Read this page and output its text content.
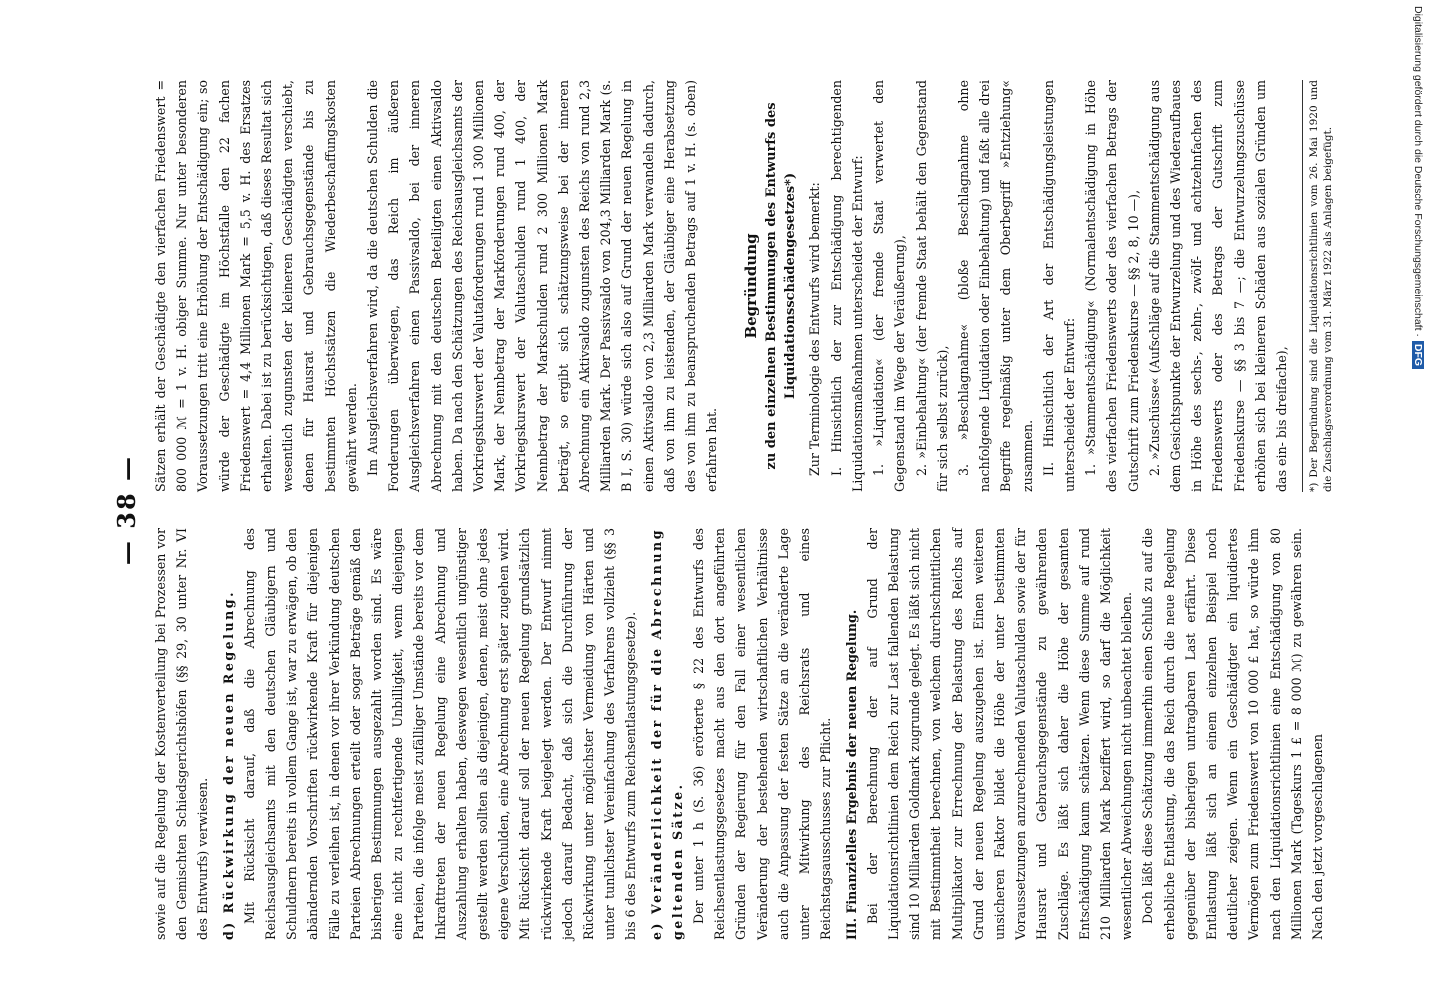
— 38 —

sowie auf die Regelung der Kostenverteilung bei Prozessen vor den Gemischten Schiedsgerichtshöfen (§§ 29, 30 unter Nr. VI des Entwurfs) verwiesen. d) Rückwirkung der neuen Regelung. Mit Rücksicht darauf, daß die Abrechnung des Reichsausgleichsamts mit den deutschen Gläubigern und Schuldnern bereits in vollem Gange ist, war zu erwägen, ob den abändernden Vorschriften rückwirkende Kraft für diejenigen Fälle zu verleihen ist, in denen vor ihrer Verkündung deutschen Parteien Abrechnungen erteilt oder sogar Beträge gemäß den bisherigen Bestimmungen ausgezahlt worden sind. Es wäre eine nicht zu rechtfertigende Unbilligkeit, wenn diejenigen Parteien, die infolge meist zufälliger Umstände bereits vor dem Inkrafttreten der neuen Regelung eine Abrechnung und Auszahlung erhalten haben, deswegen wesentlich ungünstiger gestellt werden sollten als diejenigen, denen, meist ohne jedes eigene Verschulden, eine Abrechnung erst später zugehen wird. Mit Rücksicht darauf soll der neuen Regelung grundsätzlich rückwirkende Kraft beigelegt werden. Der Entwurf nimmt jedoch darauf Bedacht, daß sich die Durchführung der Rückwirkung unter möglichster Vermeidung von Härten und unter tunlichster Vereinfachung des Verfahrens vollzieht (§§ 3 bis 6 des Entwurfs zum Reichsentlastungsgesetze). e) Veränderlichkeit der für die Abrechnung geltenden Sätze. Der unter 1 h (S. 36) erörterte § 22 des Entwurfs des Reichsentlastungsgesetzes macht aus den dort angeführten Gründen der Regierung für den Fall einer wesentlichen Veränderung der bestehenden wirtschaftlichen Verhältnisse auch die Anpassung der festen Sätze an die veränderte Lage unter Mitwirkung des Reichsrats und eines Reichstagsausschusses zur Pflicht. III. Finanzielles Ergebnis der neuen Regelung. Bei der Berechnung der auf Grund der Liquidationsrichtlinien dem Reich zur Last fallenden Belastung sind 10 Milliarden Goldmark zugrunde gelegt. Es läßt sich nicht mit Bestimmtheit berechnen, von welchem durchschnittlichen Multiplikator zur Errechnung der Belastung des Reichs auf Grund der neuen Regelung auszugehen ist. Einen weiteren unsicheren Faktor bildet die Höhe der unter bestimmten Voraussetzungen anzurechnenden Valutaschulden sowie der für Hausrat und Gebrauchsgegenstände zu gewährenden Zuschläge. Es läßt sich daher die Höhe der gesamten Entschädigung kaum schätzen. Wenn diese Summe auf rund 210 Milliarden Mark beziffert wird, so darf die Möglichkeit wesentlicher Abweichungen nicht unbeachtet bleiben. Doch läßt diese Schätzung immerhin einen Schluß zu auf die erhebliche Entlastung, die das Reich durch die neue Regelung gegenüber der bisherigen untragbaren Last erfährt. Diese Entlastung läßt sich an einem einzelnen Beispiel noch deutlicher zeigen. Wenn ein Geschädigter ein liquidiertes Vermögen zum Friedenswert von 10 000 £ hat, so würde ihm nach den Liquidationsrichtlinien eine Entschädigung von 80 Millionen Mark (Tageskurs 1 £ = 8 000 ℳ) zu gewähren sein. Nach den jetzt vorgeschlagenen

Sätzen erhält der Geschädigte den vierfachen Friedenswert = 800 000 ℳ = 1 v. H. obiger Summe. Nur unter besonderen Voraussetzungen tritt eine Erhöhung der Entschädigung ein; so würde der Geschädigte im Höchstfalle den 22 fachen Friedenswert = 4,4 Millionen Mark = 5,5 v. H. des Ersatzes erhalten. Dabei ist zu berücksichtigen, daß dieses Resultat sich wesentlich zugunsten der kleineren Geschädigten verschiebt, denen für Hausrat und Gebrauchsgegenstände bis zu bestimmten Höchstsätzen die Wiederbeschaffungskosten gewährt werden. Im Ausgleichsverfahren wird, da die deutschen Schulden die Forderungen überwiegen, das Reich im äußeren Ausgleichsverfahren einen Passivsaldo, bei der inneren Abrechnung mit den deutschen Beteiligten einen Aktivsaldo haben. Da nach den Schätzungen des Reichsausgleichsamts der Vorkriegskurswert der Valutaforderungen rund 1 300 Millionen Mark, der Nennbetrag der Markforderungen rund 400, der Vorkriegskurswert der Valutaschulden rund 1 400, der Nennbetrag der Markschulden rund 2 300 Millionen Mark beträgt, so ergibt sich schätzungsweise bei der inneren Abrechnung ein Aktivsaldo zugunsten des Reichs von rund 2,3 Milliarden Mark. Der Passivsaldo von 204,3 Milliarden Mark (s. B I, S. 30) würde sich also auf Grund der neuen Regelung in einen Aktivsaldo von 2,3 Milliarden Mark verwandeln dadurch, daß von ihm zu leistenden, der Gläubiger eine Herabsetzung des von ihm zu beanspruchenden Betrags auf 1 v. H. (s. oben) erfahren hat.

Begründung zu den einzelnen Bestimmungen des Entwurfs des Liquidationsschädengesetzes*) Zur Terminologie des Entwurfs wird bemerkt: I. Hinsichtlich der zur Entschädigung berechtigenden Liquidationsmaßnahmen unterscheidet der Entwurf: 1. »Liquidation« (der fremde Staat verwertet den Gegenstand im Wege der Veräußerung), 2. »Einbehaltung« (der fremde Staat behält den Gegenstand für sich selbst zurück), 3. »Beschlagnahme« (bloße Beschlagnahme ohne nachfolgende Liquidation oder Einbehaltung) und faßt alle drei Begriffe regelmäßig unter dem Oberbegriff »Entziehung« zusammen. II. Hinsichtlich der Art der Entschädigungsleistungen unterscheidet der Entwurf: 1. »Stammentschädigung« (Normalentschädigung in Höhe des vierfachen Friedenswerts oder des vierfachen Betrags der Gutschrift zum Friedenskurse — §§ 2, 8, 10 —), 2. »Zuschüsse« (Aufschläge auf die Stammentschädigung aus dem Gesichtspunkte der Entwurzelung und des Wiederaufbaues in Höhe des sechs-, zehn-, zwölf- und achtzehnfachen des Friedenswerts oder des Betrags der Gutschrift zum Friedenskurse — §§ 3 bis 7 —; die Entwurzelungszuschüsse erhöhen sich bei kleineren Schäden aus sozialen Gründen um das ein- bis dreifache),	*) Der Begründung sind die Liquidationsrichtlinien vom 26. Mai 1920 und die Zuschlagsverordnung vom 31. März 1922 als Anlagen beigefügt.	Digitalisierung gefördert durch die Deutsche Forschungsgemeinschaft ·DFG
